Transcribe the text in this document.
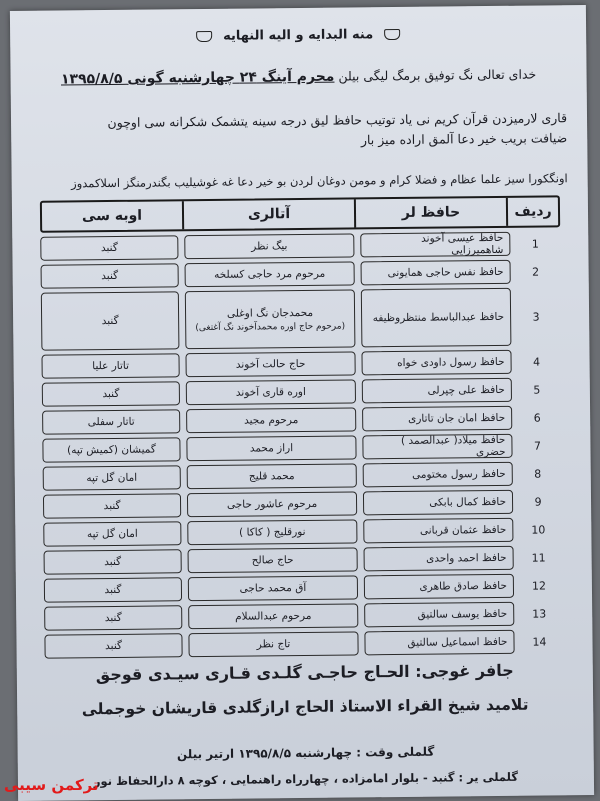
منه البدایه و الیه النهایه
خدای تعالی نگ توفیق برمگ لیگی بیلن محرم آینگ ۲۴ چهارشنبه گونی ۱۳۹۵/۸/۵
قاری لارمیزدن قرآن کریم نی یاد توتیب حافظ لیق درجه سینه یتشمک شکرانه سی اوچون
ضیافت بریب خیر دعا آلمق اراده میز بار
اونگکورا سیز علما عظام و فضلا کرام و مومن دوغان لردن بو خیر دعا غه غوشیلیب بگندرمنگز اسلاکمدوز
ردیف
حافظ لر
آتالری
اوبه سی
1
حافظ عیسی آخوند شاهمیرزایی
بیگ نظر
گنبد
2
حافظ نفس حاجی همایونی
مرحوم مرد حاجی کسلخه
گنبد
3
حافظ عبدالباسط منتظروظیفه
محمدجان نگ اوغلی
(مرحوم حاج اوره محمدآخوند نگ آغتغی)
گنبد
4
حافظ رسول داودی خواه
حاج حالت آخوند
تاتار علیا
5
حافظ علی چپرلی
اوره قاری آخوند
گنبد
6
حافظ امان جان تاتاری
مرحوم مجید
تاتار سفلی
7
حافظ میلاد( عبدالصمد ) حضری
اراز محمد
گمیشان (کمیش تپه)
8
حافظ رسول مختومی
محمد قلیج
امان گل تپه
9
حافظ کمال بابکی
مرحوم عاشور حاجی
گنبد
10
حافظ عثمان قربانی
نورقلیج ( کاکا )
امان گل تپه
11
حافظ احمد واحدی
حاج صالح
گنبد
12
حافظ صادق طاهری
آق محمد حاجی
گنبد
13
حافظ یوسف سالتیق
مرحوم عبدالسلام
گنبد
14
حافظ اسماعیل سالتیق
تاج نظر
گنبد
جافر غوجی: الحـاج حاجـی گلـدی قـاری سیـدی قوجق
تلامید شیخ القراء الاستاذ الحاج ارازگلدی قاریشان خوجملی
گلملی وقت : چهارشنبه ۱۳۹۵/۸/۵ ارتیر بیلن
گلملی یر : گنبد - بلوار امامزاده ، چهارراه راهنمایی ، کوچه ۸ دارالحفاظ نور
ترکمن سیبی
